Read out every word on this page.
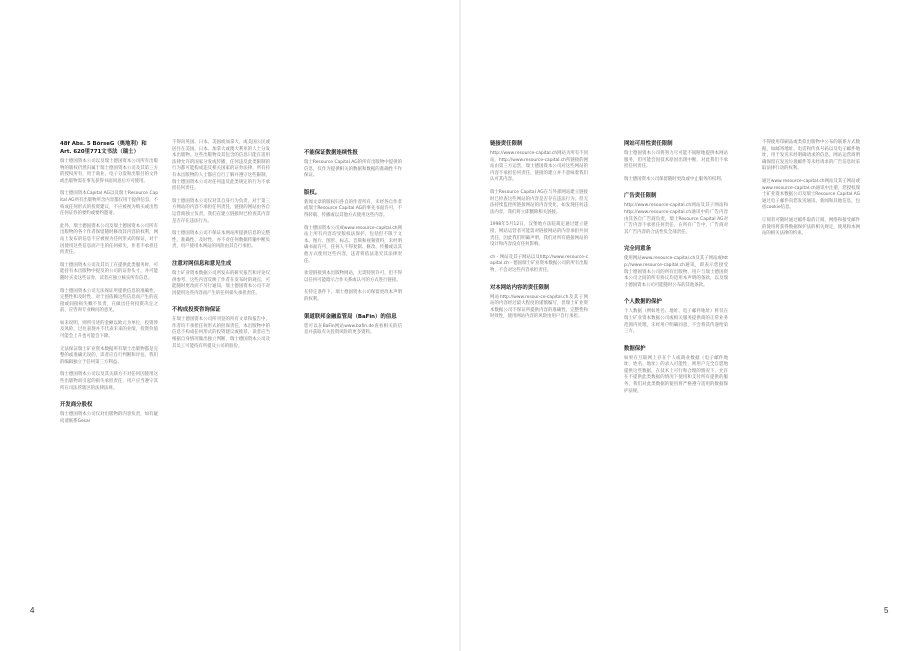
48f Abs. 5 BörseG（奥地利）和Art. 620里771文书法（瑞士）
瑞士德国资本公司以及瑞士德国资本公司所有出版物的版权仍然归属于瑞士德国资本公司及其第三方的授权所有，用于商业、电子分发和出版目的文件或出版物需在事先获得书面同意后方可使用。
瑞士德国资本Capital AG以及瑞士Resource Capital AG所有出版物所含内容都仅用于提供信息，不构成任何形式的投资建议，不应被视为购买或出售任何证券的要约或要约邀请。
此外，瑞士德国资本公司及瑞士德国资本公司所有出版物的各个作者保留随时修改其内容的权利，网站上发布的信息不应被视为任何形式的保证，对于因使用这些信息而产生的任何损失，作者不承担任何责任。
瑞士德国资本公司及其员工在提供此类服务时，可能持有本出版物中提及的公司的证券头寸，并可能随时买卖这些证券，读者应独立核实所有信息。
瑞士德国资本公司无法保证所提供信息的准确性、完整性和及时性，对于因依赖这些信息而产生的直接或间接损失概不负责，在做出任何投资决定之前，应咨询专业顾问的意见。
如未说明，则所引述的金额以欧元为单位，投资涉及风险，过往表现并不代表未来的业绩，投资价值可能会上升也可能会下降。
无法保证瑞士矿业资本数据所有瑞士出版物都是完整的或准确无误的，读者应自行判断和评估，我们的编辑独立于任何第三方利益。
瑞士德国资本公司以及其关联方不对任何因使用这些出版物而引起的损失承担责任，用户应当遵守其所在司法管辖区的法律法规。
开发商分股权
瑞士德国资本公司仅对出版物的内容负责，如有疑问请联系Gesar
不得向英国、日本、美国或加拿大，或美国公民或居住在美国、日本、加拿大或澳大利亚的人士分发本出版物。这些出版物及其包含的信息只能在适用法律允许的国家分发或传播，任何违反此类限制的行为都可能构成违反相关国家的证券法律，所有持有本出版物的人士都应自行了解并遵守这些限制，瑞士德国资本公司对任何违反此类规定的行为不承担任何责任。
瑞士德国资本公司仅对其自身行为负责，对于第三方网站的内容不承担任何责任，链接的网站由各自运营商独立负责，我们在建立链接时已检查其内容是否存在违法行为。
瑞士德国资本公司不保证本网站所提供信息的完整性、准确性、及时性，亦不对任何数据传输中断负责，用户使用本网站的风险由其自行承担。
注意对网信息和意见生成
瑞士矿业资本数据公司所发布的研究报告和评论仅供参考，这些内容反映了作者在发布时的观点，可能随时更改而不另行通知，瑞士德国资本公司不对因使用这些内容而产生的任何损失承担责任。
不构成投资咨询保证
在瑞士德国资本公司所刊登的所有文章和报告中，作者均不承担任何形式的担保责任，本出版物中的信息不构成任何形式的投资建议或推荐，读者应当根据自身情况做出独立判断，瑞士德国资本公司及其员工可能持有所提及公司的股份。
不能保证数据连续性报
瑞士Resource Capital AG的所有出版物中提供的信息，仅作为提供相关的数据和数据的准确性不作保证。
版权。
新闻文章的版权归各自的作者所有，未经各自作者或瑞士Resource Capital AG的事先书面许可，不得转载、传播或以其他方式使用这些内容。
瑞士德国资本公司或www.resource-capital.ch网站上所有内容均受版权法保护，包括但不限于文本、图片、图形、标志、音频和视频资料，未经明确书面许可，任何人不得复制、修改、传播或以其他方式使用这些内容，违者将依法追究其法律责任。
欢迎链接到本出版物网站，无需特别许可，但不得以任何可能暗示合作关系或认可的方式进行链接。
在特定条件下，瑞士德国资本公司保留更改本声明的权利。
渠道联邦金融监管局（BaFin）的信息
您可以在BaFin网站www.bafin.de查看相关的信息并获取有关投资风险的更多资料。
链接责任限制
http://www.resource-capital.ch网站为所有不同站，http://www.resource-capital.ch所链接的网站由第三方运营，瑞士德国资本公司对这些网站的内容不承担任何责任，链接的建立并不意味着我们认可其内容。
瑞士Resource Capital AG在与外部网站建立链接时已检查这些网站的内容是否存在违法行为，但无法持续监控所链接网站的内容变化，如发现任何违法内容，我们将立即删除相关链接。
1998年5月12日，汉堡地方法院裁定通过建立链接，网站运营者可能需对链接网站的内容承担共同责任，因此我们明确声明，我们对所有链接网站的设计和内容没有任何影响。
ch - 网站及其子网站以及http://www.resource-capital.ch - 德国瑞士矿业资本数据公司的所有出版物，不会对这些内容承担责任。
对本网站内容的责任限制
网站http://www.resour-ce-capital.ch及其子网站的内容经过最大程度的谨慎编写，但瑞士矿业资本数据公司不保证所提供内容的准确性、完整性和时效性，使用网站内容的风险由用户自行承担。
网站可用性责任限制
瑞士德国资本公司将努力尽可能不间断地提供本网站服务，但可能会因技术原因出现中断，对此我们不承担任何责任。
瑞士德国资本公司保留随时更改或中止服务的权利。
广告责任限制
http://www.resource-capital.ch网站及其子网站和http://www.resource-capital.ch通讯中的广告内容由其各自广告商负责，瑞士Resource Capital AG对广告内容不承担任何责任，在所有广告中，广告商对其广告内容的合法性负全部责任。
完全同意条
使用网站www.resource-capital.ch及其子网站或http://www.resource-capital.ch通讯，即表示您接受瑞士德国资本公司的所有出版物，用户与瑞士德国资本公司之间的所有协议均适用本声明的条款，以及瑞士德国资本公司可能随时公布的其他条款。
个人数据的保护
个人数据（例如姓名、地址、电子邮件地址）将仅在瑞士矿业资本数据公司或相关服务提供商的正常业务范围内处理，未经用户明确同意，不会将其传递给第三方。
数据保护
如果在互联网上存在个人或商业数据（电子邮件地址、姓名、地址）的录入可能性，则用户完全自愿地提供这些数据，在技术上可行和合理的情况下，允许在不提供此类数据的情况下使用和支付所有提供的服务，我们对此类数据的使用将严格遵守适用的数据保护法规。
不得使用印刷品或类似出版物中公布的联系方式数据，如邮寄地址、电话和传真号码以及电子邮件地址，用于发送未经明确请求的信息，网站运营商明确保留在发送垃圾邮件等未经请求的广告信息时采取法律行动的权利。
通过www.resource-capital.ch网站及其子网站或www.resource-capital.ch通讯中注册，您授权瑞士矿业资本数据公司及瑞士Resource Capital AG通过电子邮件向您发送通讯、新闻和其他信息，包括cookie信息。
订阅者可随时通过邮件取消订阅，网络和接受邮件的使用将获得数据保护法的相关规定，使用和本网站的相关法律的约束。
4	5
